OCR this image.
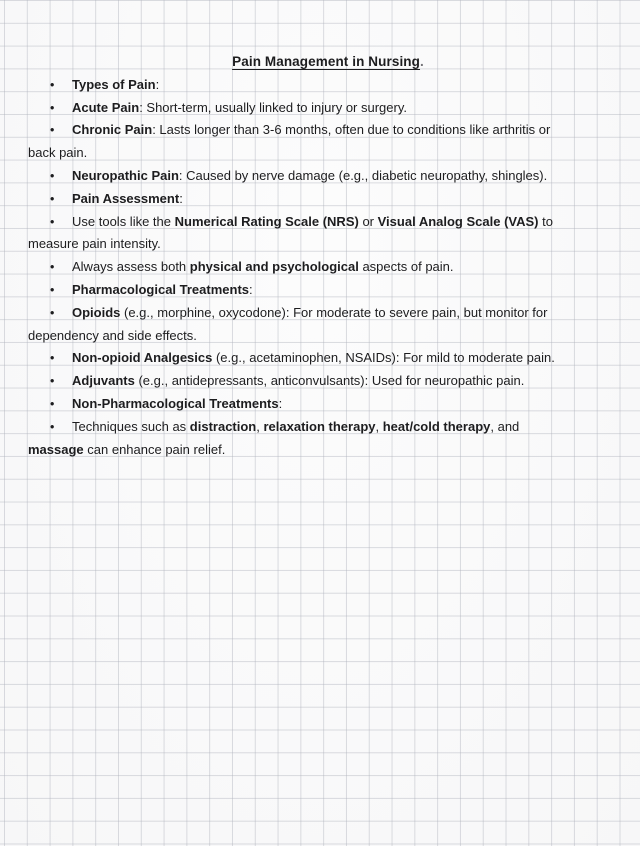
Pain Management in Nursing.

• Types of Pain:

• Acute Pain: Short-term, usually linked to injury or surgery.

• Chronic Pain: Lasts longer than 3-6 months, often due to conditions like arthritis or
back pain.

• Neuropathic Pain: Caused by nerve damage (e.g., diabetic neuropathy, shingles).

• Pain Assessment:

• Use tools like the Numerical Rating Scale (NRS) or Visual Analog Scale (VAS) to
measure pain intensity.

• Always assess both physical and psychological aspects of pain.

• Pharmacological Treatments:

• Opioids (e.g., morphine, oxycodone): For moderate to severe pain, but monitor for
dependency and side effects.

• Non-opioid Analgesics (e.g., acetaminophen, NSAIDs): For mild to moderate pain.

• Adjuvants (e.g., antidepressants, anticonvulsants): Used for neuropathic pain.

• Non-Pharmacological Treatments:

• Techniques such as distraction, relaxation therapy, heat/cold therapy, and
massage can enhance pain relief.
